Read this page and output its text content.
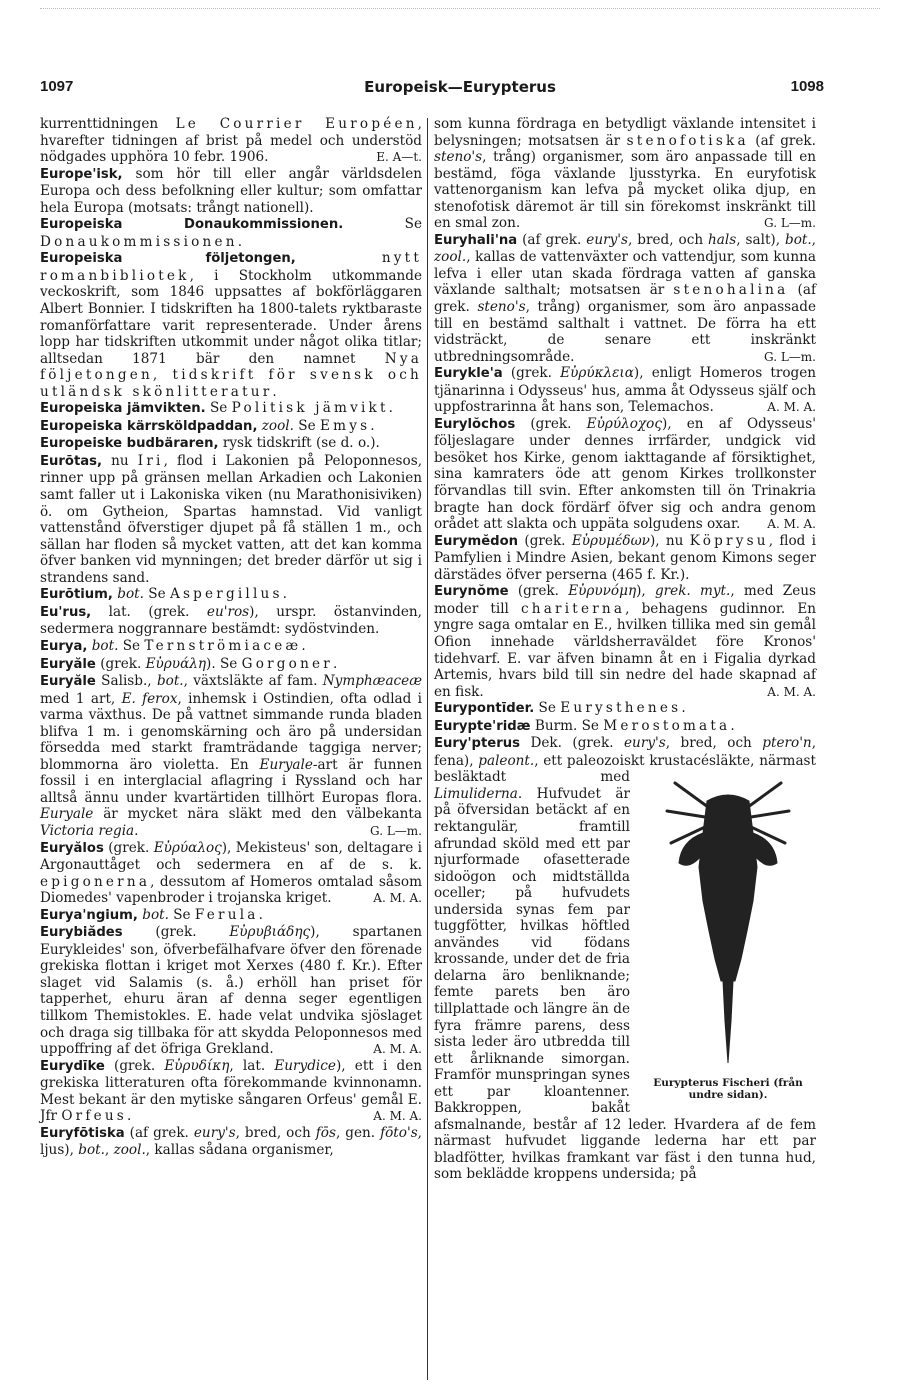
1097	Europeisk—Eurypterus	1098

kurrenttidningen Le Courrier Européen, hvarefter tidningen af brist på medel och understöd nödgades upphöra 10 febr. 1906.	E. A—t.

Europe'isk, som hör till eller angår världsdelen Europa och dess befolkning eller kultur; som omfattar hela Europa (motsats: trångt nationell).

Europeiska Donaukommissionen. Se Donaukommissionen.

Europeiska följetongen, nytt romanbibliotek, i Stockholm utkommande veckoskrift, som 1846 uppsattes af bokförläggaren Albert Bonnier. I tidskriften ha 1800-talets ryktbaraste romanförfattare varit representerade. Under årens lopp har tidskriften utkommit under något olika titlar; alltsedan 1871 bär den namnet Nya följetongen, tidskrift för svensk och utländsk skönlitteratur.

Europeiska jämvikten. Se Politisk jämvikt.

Europeiska kärrsköldpaddan, zool. Se Emys.

Europeiske budbäraren, rysk tidskrift (se d. o.).

Eurōtas, nu Iri, flod i Lakonien på Peloponnesos, rinner upp på gränsen mellan Arkadien och Lakonien samt faller ut i Lakoniska viken (nu Marathonisiviken) ö. om Gytheion, Spartas hamnstad. Vid vanligt vattenstånd öfverstiger djupet på få ställen 1 m., och sällan har floden så mycket vatten, att det kan komma öfver banken vid mynningen; det breder därför ut sig i strandens sand.

Eurōtium, bot. Se Aspergillus.

Eu'rus, lat. (grek. eu'ros), urspr. östanvinden, sedermera noggrannare bestämdt: sydöstvinden.

Eurya, bot. Se Ternströmiaceæ.

Euryăle (grek. Εὐρυάλη). Se Gorgoner.

Euryăle Salisb., bot., växtsläkte af fam. Nymphæaceæ med 1 art, E. ferox, inhemsk i Ostindien, ofta odlad i varma växthus. De på vattnet simmande runda bladen blifva 1 m. i genomskärning och äro på undersidan försedda med starkt framträdande taggiga nerver; blommorna äro violetta. En Euryale-art är funnen fossil i en interglacial aflagring i Ryssland och har alltså ännu under kvartärtiden tillhört Europas flora. Euryale är mycket nära släkt med den välbekanta Victoria regia.	G. L—m.

Euryălos (grek. Εὐρύαλος), Mekisteus' son, deltagare i Argonauttåget och sedermera en af de s. k. epigonerna, dessutom af Homeros omtalad såsom Diomedes' vapenbroder i trojanska kriget.	A. M. A.

Eurya'ngium, bot. Se Ferula.

Eurybiădes (grek. Εὐρυβιάδης), spartanen Eurykleides' son, öfverbefälhafvare öfver den förenade grekiska flottan i kriget mot Xerxes (480 f. Kr.). Efter slaget vid Salamis (s. å.) erhöll han priset för tapperhet, ehuru äran af denna seger egentligen tillkom Themistokles. E. hade velat undvika sjöslaget och draga sig tillbaka för att skydda Peloponnesos med uppoffring af det öfriga Grekland.	A. M. A.

Eurydīke (grek. Εὐρυδίκη, lat. Eurydice), ett i den grekiska litteraturen ofta förekommande kvinnonamn. Mest bekant är den mytiske sångaren Orfeus' gemål E. Jfr Orfeus.	A. M. A.

Euryfōtiska (af grek. eury's, bred, och fōs, gen. fōto's, ljus), bot., zool., kallas sådana organismer,

som kunna fördraga en betydligt växlande intensitet i belysningen; motsatsen är stenofotiska (af grek. steno's, trång) organismer, som äro anpassade till en bestämd, föga växlande ljusstyrka. En euryfotisk vattenorganism kan lefva på mycket olika djup, en stenofotisk däremot är till sin förekomst inskränkt till en smal zon.	G. L—m.

Euryhali'na (af grek. eury's, bred, och hals, salt), bot., zool., kallas de vattenväxter och vattendjur, som kunna lefva i eller utan skada fördraga vatten af ganska växlande salthalt; motsatsen är stenohalina (af grek. steno's, trång) organismer, som äro anpassade till en bestämd salthalt i vattnet. De förra ha ett vidsträckt, de senare ett inskränkt utbredningsområde.	G. L—m.

Eurykle'a (grek. Εὐρύκλεια), enligt Homeros trogen tjänarinna i Odysseus' hus, amma åt Odysseus själf och uppfostrarinna åt hans son, Telemachos.	A. M. A.

Eurylŏchos (grek. Εὐρύλοχος), en af Odysseus' följeslagare under dennes irrfärder, undgick vid besöket hos Kirke, genom iakttagande af försiktighet, sina kamraters öde att genom Kirkes trollkonster förvandlas till svin. Efter ankomsten till ön Trinakria bragte han dock fördärf öfver sig och andra genom orådet att slakta och uppäta solgudens oxar. A. M. A.

Eurymĕdon (grek. Εὐρυμέδων), nu Köprysu, flod i Pamfylien i Mindre Asien, bekant genom Kimons seger därstädes öfver perserna (465 f. Kr.).

Eurynŏme (grek. Εὐρυνόμη), grek. myt., med Zeus moder till chariterna, behagens gudinnor. En yngre saga omtalar en E., hvilken tillika med sin gemål Ofion innehade världsherraväldet före Kronos' tidehvarf. E. var äfven binamn åt en i Figalia dyrkad Artemis, hvars bild till sin nedre del hade skapnad af en fisk.	A. M. A.

Eurypontīder. Se Eurysthenes.

Eurypte'ridæ Burm. Se Merostomata.

Eury'pterus Dek. (grek. eury's, bred, och ptero'n, fena), paleont., ett paleozoiskt krustacésläkte, närmast besläktadt med
Eurypterus Fischeri (från undre sidan).
Limuliderna. Hufvudet är på öfversidan betäckt af en rektangulär, framtill afrundad sköld med ett par njurformade ofasetterade sidoögon och midtställda oceller; på hufvudets undersida synas fem par tuggfötter, hvilkas höftled användes vid födans krossande, under det de fria delarna äro benliknande; femte parets ben äro tillplattade och längre än de fyra främre parens, dess sista leder äro utbredda till ett årliknande simorgan. Framför munspringan synes ett par kloantenner. Bakkroppen, bakåt afsmalnande, består af 12 leder. Hvardera af de fem närmast hufvudet liggande lederna har ett par bladfötter, hvilkas framkant var fäst i den tunna hud, som beklädde kroppens undersida; på
